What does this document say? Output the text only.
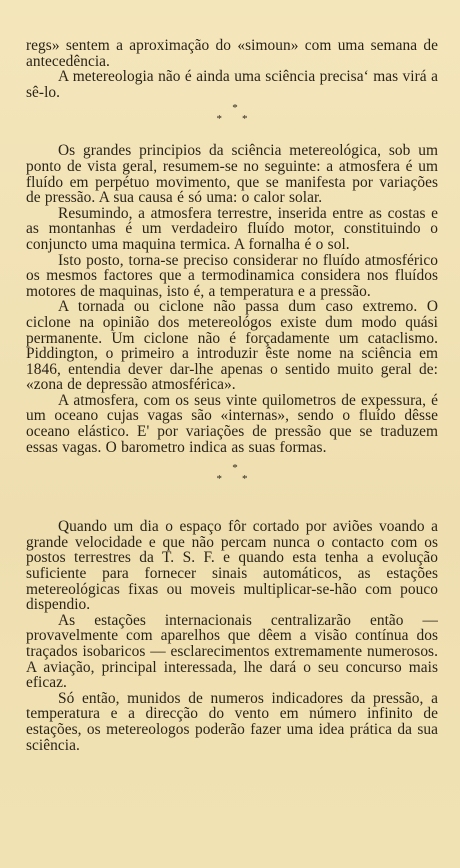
regs» sentem a aproximação do «simoun» com uma semana de antecedência.

A metereologia não é ainda uma sciência precisa‘ mas virá a sê-lo.

*
**

Os grandes principios da sciência metereológica, sob um ponto de vista geral, resumem-se no seguinte: a atmosfera é um fluído em perpétuo movimento, que se manifesta por variações de pressão. A sua causa é só uma: o calor solar.

Resumindo, a atmosfera terrestre, inserida entre as costas e as montanhas é um verdadeiro fluído motor, constituindo o conjuncto uma maquina termica. A fornalha é o sol.

Isto posto, torna-se preciso considerar no fluído atmosférico os mesmos factores que a termodinamica considera nos fluídos motores de maquinas, isto é, a temperatura e a pressão.

A tornada ou ciclone não passa dum caso extremo. O ciclone na opinião dos metereológos existe dum modo quási permanente. Um ciclone não é forçadamente um cataclismo. Piddington, o primeiro a introduzir êste nome na sciência em 1846, entendia dever dar-lhe apenas o sentido muito geral de: «zona de depressão atmosférica».

A atmosfera, com os seus vinte quilometros de expessura, é um oceano cujas vagas são «internas», sendo o fluído dêsse oceano elástico. E' por variações de pressão que se traduzem essas vagas. O barometro indica as suas formas.

*
**

Quando um dia o espaço fôr cortado por aviões voando a grande velocidade e que não percam nunca o contacto com os postos terrestres da T. S. F. e quando esta tenha a evolução suficiente para fornecer sinais automáticos, as estações metereológicas fixas ou moveis multiplicar-se-hão com pouco dispendio.

As estações internacionais centralizarão então — provavelmente com aparelhos que dêem a visão contínua dos traçados isobaricos — esclarecimentos extremamente numerosos. A aviação, principal interessada, lhe dará o seu concurso mais eficaz.

Só então, munidos de numeros indicadores da pressão, a temperatura e a direcção do vento em número infinito de estações, os metereologos poderão fazer uma idea prática da sua sciência.
